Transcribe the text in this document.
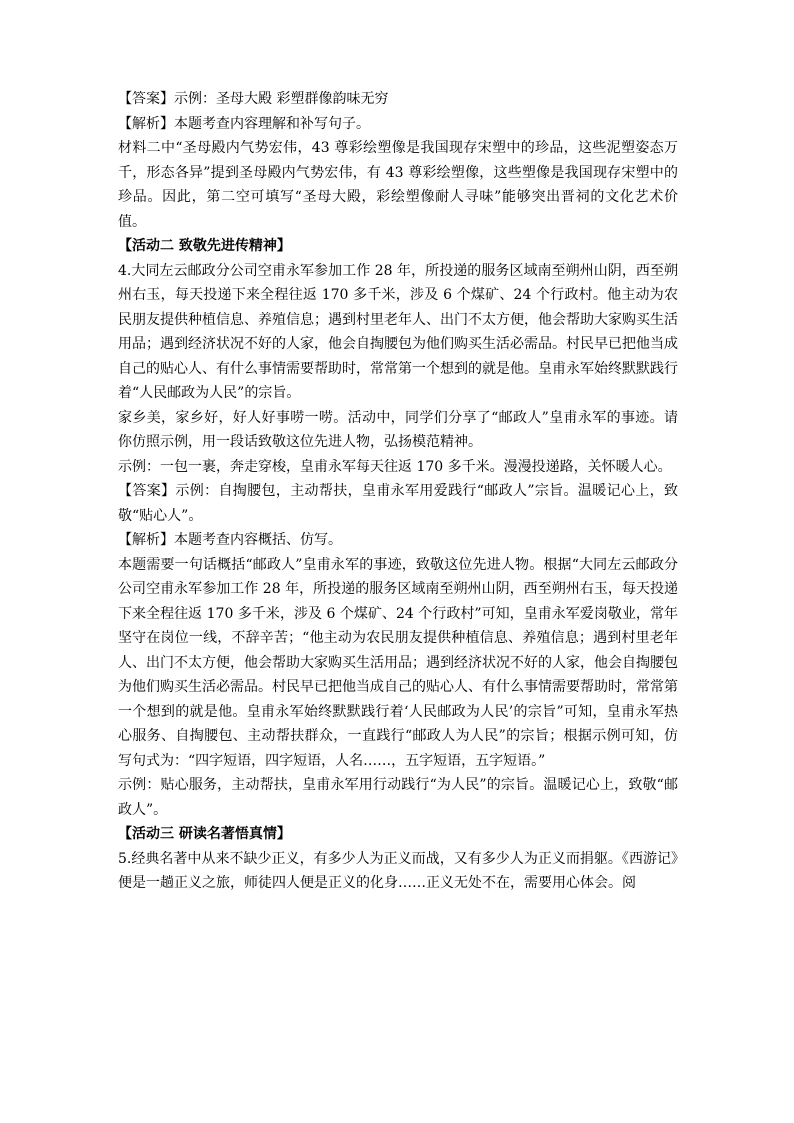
【答案】示例：圣母大殿 彩塑群像韵味无穷

【解析】本题考查内容理解和补写句子。

材料二中“圣母殿内气势宏伟，43 尊彩绘塑像是我国现存宋塑中的珍品，这些泥塑姿态万千，形态各异”提到圣母殿内气势宏伟，有 43 尊彩绘塑像，这些塑像是我国现存宋塑中的珍品。因此，第二空可填写“圣母大殿，彩绘塑像耐人寻味”能够突出晋祠的文化艺术价值。

【活动二 致敬先进传精神】

4.大同左云邮政分公司空甫永军参加工作 28 年，所投递的服务区域南至朔州山阴，西至朔州右玉，每天投递下来全程往返 170 多千米，涉及 6 个煤矿、24 个行政村。他主动为农民朋友提供种植信息、养殖信息；遇到村里老年人、出门不太方便，他会帮助大家购买生活用品；遇到经济状况不好的人家，他会自掏腰包为他们购买生活必需品。村民早已把他当成自己的贴心人、有什么事情需要帮助时，常常第一个想到的就是他。皇甫永军始终默默践行着“人民邮政为人民”的宗旨。

家乡美，家乡好，好人好事唠一唠。活动中，同学们分享了“邮政人”皇甫永军的事迹。请你仿照示例，用一段话致敬这位先进人物，弘扬模范精神。

示例：一包一裹，奔走穿梭，皇甫永军每天往返 170 多千米。漫漫投递路，关怀暖人心。

【答案】示例：自掏腰包，主动帮扶，皇甫永军用爱践行“邮政人”宗旨。温暖记心上，致敬“贴心人”。

【解析】本题考查内容概括、仿写。

本题需要一句话概括“邮政人”皇甫永军的事迹，致敬这位先进人物。根据“大同左云邮政分公司空甫永军参加工作 28 年，所投递的服务区域南至朔州山阴，西至朔州右玉，每天投递下来全程往返 170 多千米，涉及 6 个煤矿、24 个行政村”可知，皇甫永军爱岗敬业，常年坚守在岗位一线，不辞辛苦；“他主动为农民朋友提供种植信息、养殖信息；遇到村里老年人、出门不太方便，他会帮助大家购买生活用品；遇到经济状况不好的人家，他会自掏腰包为他们购买生活必需品。村民早已把他当成自己的贴心人、有什么事情需要帮助时，常常第一个想到的就是他。皇甫永军始终默默践行着‘人民邮政为人民’的宗旨”可知，皇甫永军热心服务、自掏腰包、主动帮扶群众，一直践行“邮政人为人民”的宗旨；根据示例可知，仿写句式为：“四字短语，四字短语，人名……，五字短语，五字短语。”

示例：贴心服务，主动帮扶，皇甫永军用行动践行“为人民”的宗旨。温暖记心上，致敬“邮政人”。

【活动三 研读名著悟真情】

5.经典名著中从来不缺少正义，有多少人为正义而战，又有多少人为正义而捐躯。《西游记》便是一趟正义之旅，师徒四人便是正义的化身……正义无处不在，需要用心体会。阅
